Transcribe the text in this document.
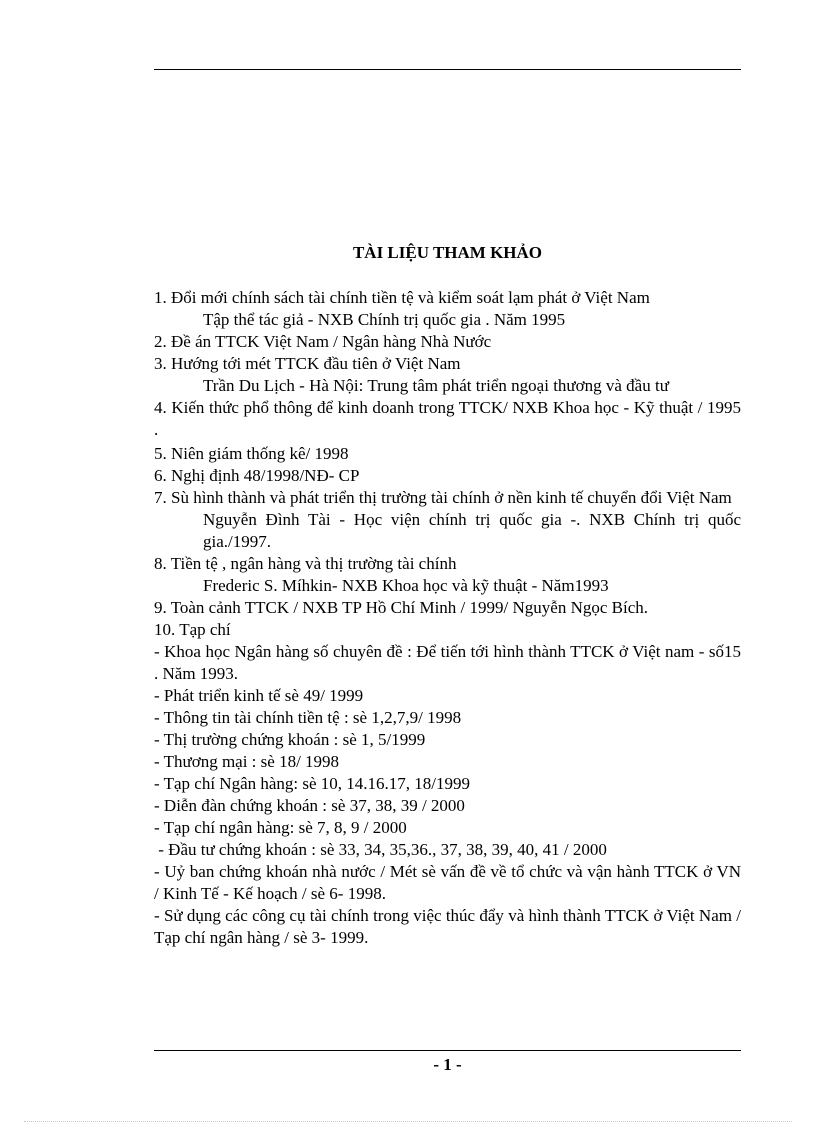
TÀI LIỆU THAM KHẢO

1. Đổi mới chính sách tài chính tiền tệ và kiểm soát lạm phát ở Việt Nam

Tập thể tác giả - NXB Chính trị quốc gia . Năm 1995

2. Đề án TTCK Việt Nam / Ngân hàng Nhà Nước

3. Hướng tới mét TTCK đầu tiên ở Việt Nam

Trần Du Lịch - Hà Nội: Trung tâm phát triển ngoại thương và đầu tư

4. Kiến thức phổ thông để kinh doanh trong TTCK/ NXB Khoa học - Kỹ thuật / 1995 .

5. Niên giám thống kê/ 1998

6. Nghị định 48/1998/NĐ- CP

7. Sù hình thành và phát triển thị trường tài chính ở nền kinh tế chuyển đổi Việt Nam

Nguyễn Đình Tài - Học viện chính trị quốc gia -. NXB Chính trị quốc gia./1997.

8. Tiền tệ , ngân hàng và thị trường tài chính

Frederic S. Míhkin- NXB Khoa học và kỹ thuật - Năm1993

9. Toàn cảnh TTCK / NXB TP Hồ Chí Minh / 1999/ Nguyễn Ngọc Bích.

10. Tạp chí

- Khoa học Ngân hàng số chuyên đề : Để tiến tới hình thành TTCK ở Việt nam - số15 . Năm 1993.

- Phát triển kinh tế sè 49/ 1999

- Thông tin tài chính tiền tệ : sè 1,2,7,9/ 1998

- Thị trường chứng khoán : sè 1, 5/1999

- Thương mại : sè 18/ 1998

- Tạp chí Ngân hàng: sè 10, 14.16.17, 18/1999

- Diễn đàn chứng khoán : sè 37, 38, 39 / 2000

- Tạp chí ngân hàng: sè 7, 8, 9 / 2000

- Đầu tư chứng khoán : sè 33, 34, 35,36., 37, 38, 39, 40, 41 / 2000

- Uỷ ban chứng khoán nhà nước / Mét sè vấn đề về tổ chức và vận hành TTCK ở VN / Kinh Tế - Kế hoạch / sè 6- 1998.

- Sử dụng các công cụ tài chính trong việc thúc đẩy và hình thành TTCK ở Việt Nam / Tạp chí ngân hàng / sè 3- 1999.

- 1 -
